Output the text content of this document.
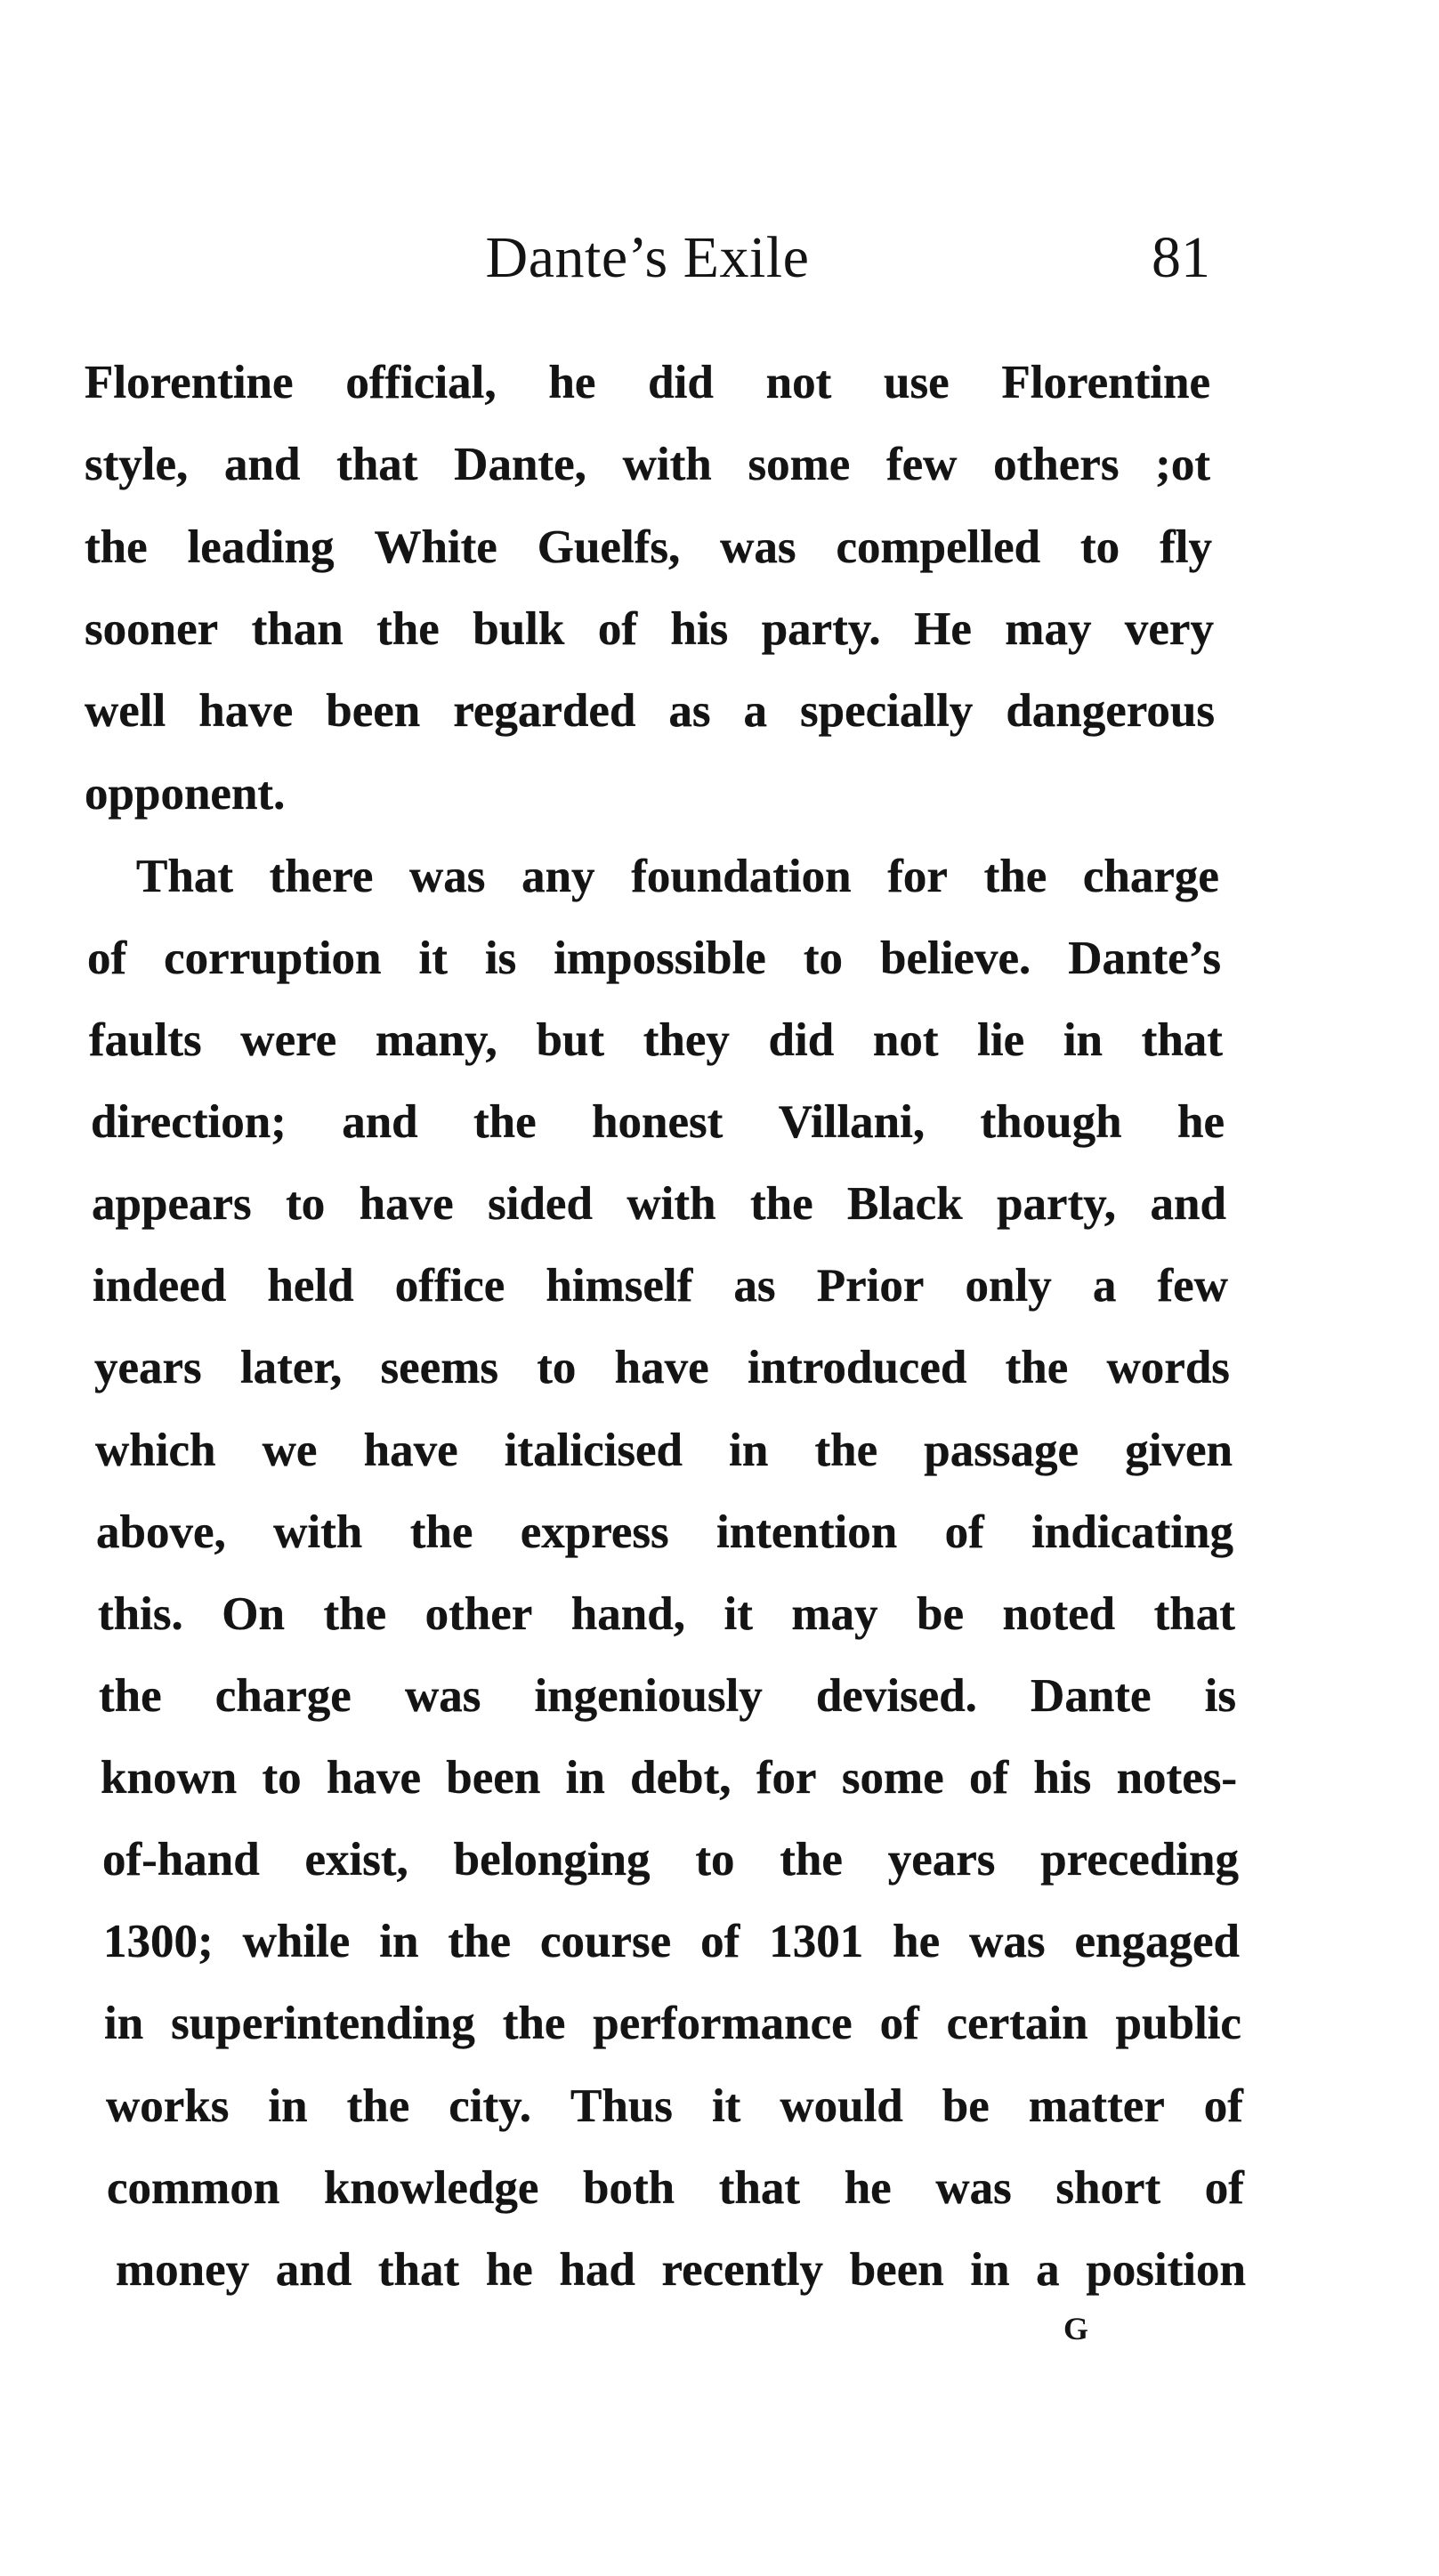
Dante’s Exile	81
Florentine official, he did not use Florentine
style, and that Dante, with some few others ;ot
the leading White Guelfs, was compelled to fly
sooner than the bulk of his party. He may very
well have been regarded as a specially dangerous
opponent.
That there was any foundation for the charge
of corruption it is impossible to believe. Dante’s
faults were many, but they did not lie in that
direction; and the honest Villani, though he
appears to have sided with the Black party, and
indeed held office himself as Prior only a few
years later, seems to have introduced the words
which we have italicised in the passage given
above, with the express intention of indicating
this. On the other hand, it may be noted that
the charge was ingeniously devised. Dante is
known to have been in debt, for some of his notes-
of-hand exist, belonging to the years preceding
1300; while in the course of 1301 he was engaged
in superintending the performance of certain public
works in the city. Thus it would be matter of
common knowledge both that he was short of
money and that he had recently been in a position
G
